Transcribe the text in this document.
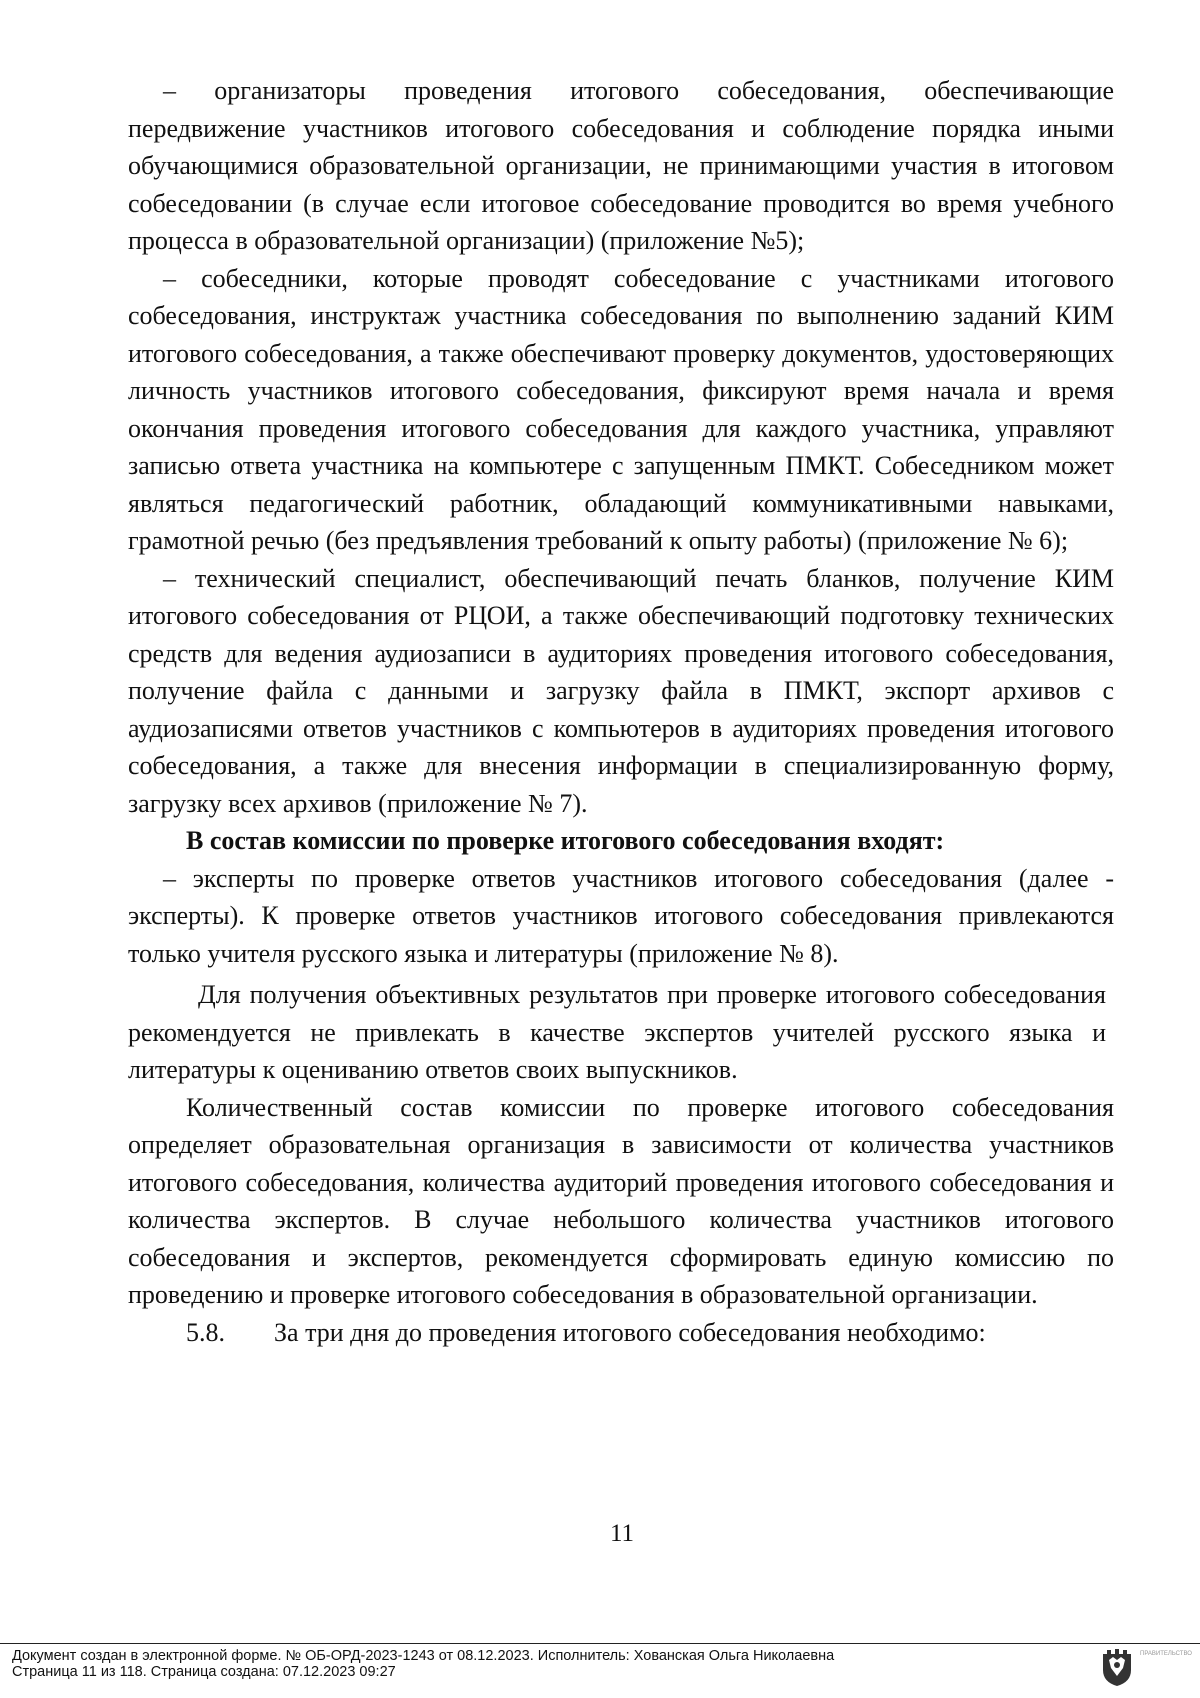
– организаторы проведения итогового собеседования, обеспечивающие передвижение участников итогового собеседования и соблюдение порядка иными обучающимися образовательной организации, не принимающими участия в итоговом собеседовании (в случае если итоговое собеседование проводится во время учебного процесса в образовательной организации) (приложение №5);

– собеседники, которые проводят собеседование с участниками итогового собеседования, инструктаж участника собеседования по выполнению заданий КИМ итогового собеседования, а также обеспечивают проверку документов, удостоверяющих личность участников итогового собеседования, фиксируют время начала и время окончания проведения итогового собеседования для каждого участника, управляют записью ответа участника на компьютере с запущенным ПМКТ. Собеседником может являться педагогический работник, обладающий коммуникативными навыками, грамотной речью (без предъявления требований к опыту работы) (приложение № 6);

– технический специалист, обеспечивающий печать бланков, получение КИМ итогового собеседования от РЦОИ, а также обеспечивающий подготовку технических средств для ведения аудиозаписи в аудиториях проведения итогового собеседования, получение файла с данными и загрузку файла в ПМКТ, экспорт архивов с аудиозаписями ответов участников с компьютеров в аудиториях проведения итогового собеседования, а также для внесения информации в специализированную форму, загрузку всех архивов (приложение № 7).

В состав комиссии по проверке итогового собеседования входят:

– эксперты по проверке ответов участников итогового собеседования (далее - эксперты). К проверке ответов участников итогового собеседования привлекаются только учителя русского языка и литературы (приложение № 8).

Для получения объективных результатов при проверке итогового собеседования рекомендуется не привлекать в качестве экспертов учителей русского языка и литературы к оцениванию ответов своих выпускников.

Количественный состав комиссии по проверке итогового собеседования определяет образовательная организация в зависимости от количества участников итогового собеседования, количества аудиторий проведения итогового собеседования и количества экспертов. В случае небольшого количества участников итогового собеседования и экспертов, рекомендуется сформировать единую комиссию по проведению и проверке итогового собеседования в образовательной организации.

5.8. За три дня до проведения итогового собеседования необходимо:

11
Документ создан в электронной форме. № ОБ-ОРД-2023-1243 от 08.12.2023. Исполнитель: Хованская Ольга Николаевна
Страница 11 из 118. Страница создана: 07.12.2023 09:27
ПРАВИТЕЛЬСТВО
